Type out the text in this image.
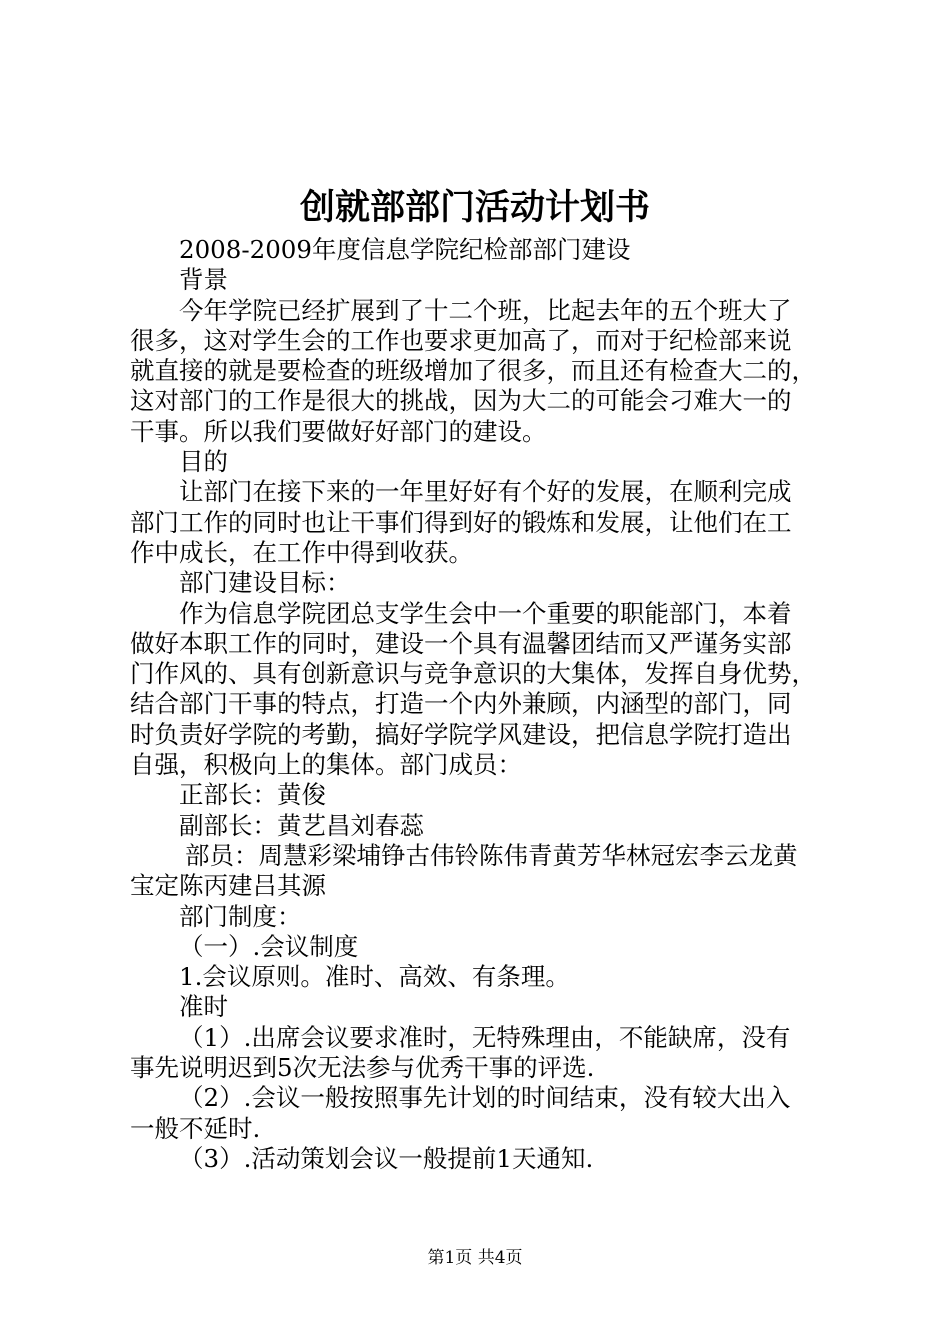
创就部部门活动计划书
2008-2009年度信息学院纪检部部门建设
背景
今年学院已经扩展到了十二个班，比起去年的五个班大了
很多，这对学生会的工作也要求更加高了，而对于纪检部来说
就直接的就是要检查的班级增加了很多，而且还有检查大二的，
这对部门的工作是很大的挑战，因为大二的可能会刁难大一的
干事。所以我们要做好好部门的建设。
目的
让部门在接下来的一年里好好有个好的发展，在顺利完成
部门工作的同时也让干事们得到好的锻炼和发展，让他们在工
作中成长，在工作中得到收获。
部门建设目标：
作为信息学院团总支学生会中一个重要的职能部门，本着
做好本职工作的同时，建设一个具有温馨团结而又严谨务实部
门作风的、具有创新意识与竞争意识的大集体，发挥自身优势，
结合部门干事的特点，打造一个内外兼顾，内涵型的部门，同
时负责好学院的考勤，搞好学院学风建设，把信息学院打造出
自强，积极向上的集体。部门成员：
正部长：黄俊
副部长：黄艺昌刘春蕊
部员：周慧彩梁埔铮古伟铃陈伟青黄芳华林冠宏李云龙黄
宝定陈丙建吕其源
部门制度：
（一）.会议制度
1.会议原则。准时、高效、有条理。
准时
（1）.出席会议要求准时，无特殊理由，不能缺席，没有
事先说明迟到5次无法参与优秀干事的评选.
（2）.会议一般按照事先计划的时间结束，没有较大出入
一般不延时.
（3）.活动策划会议一般提前1天通知.
第1页 共4页
